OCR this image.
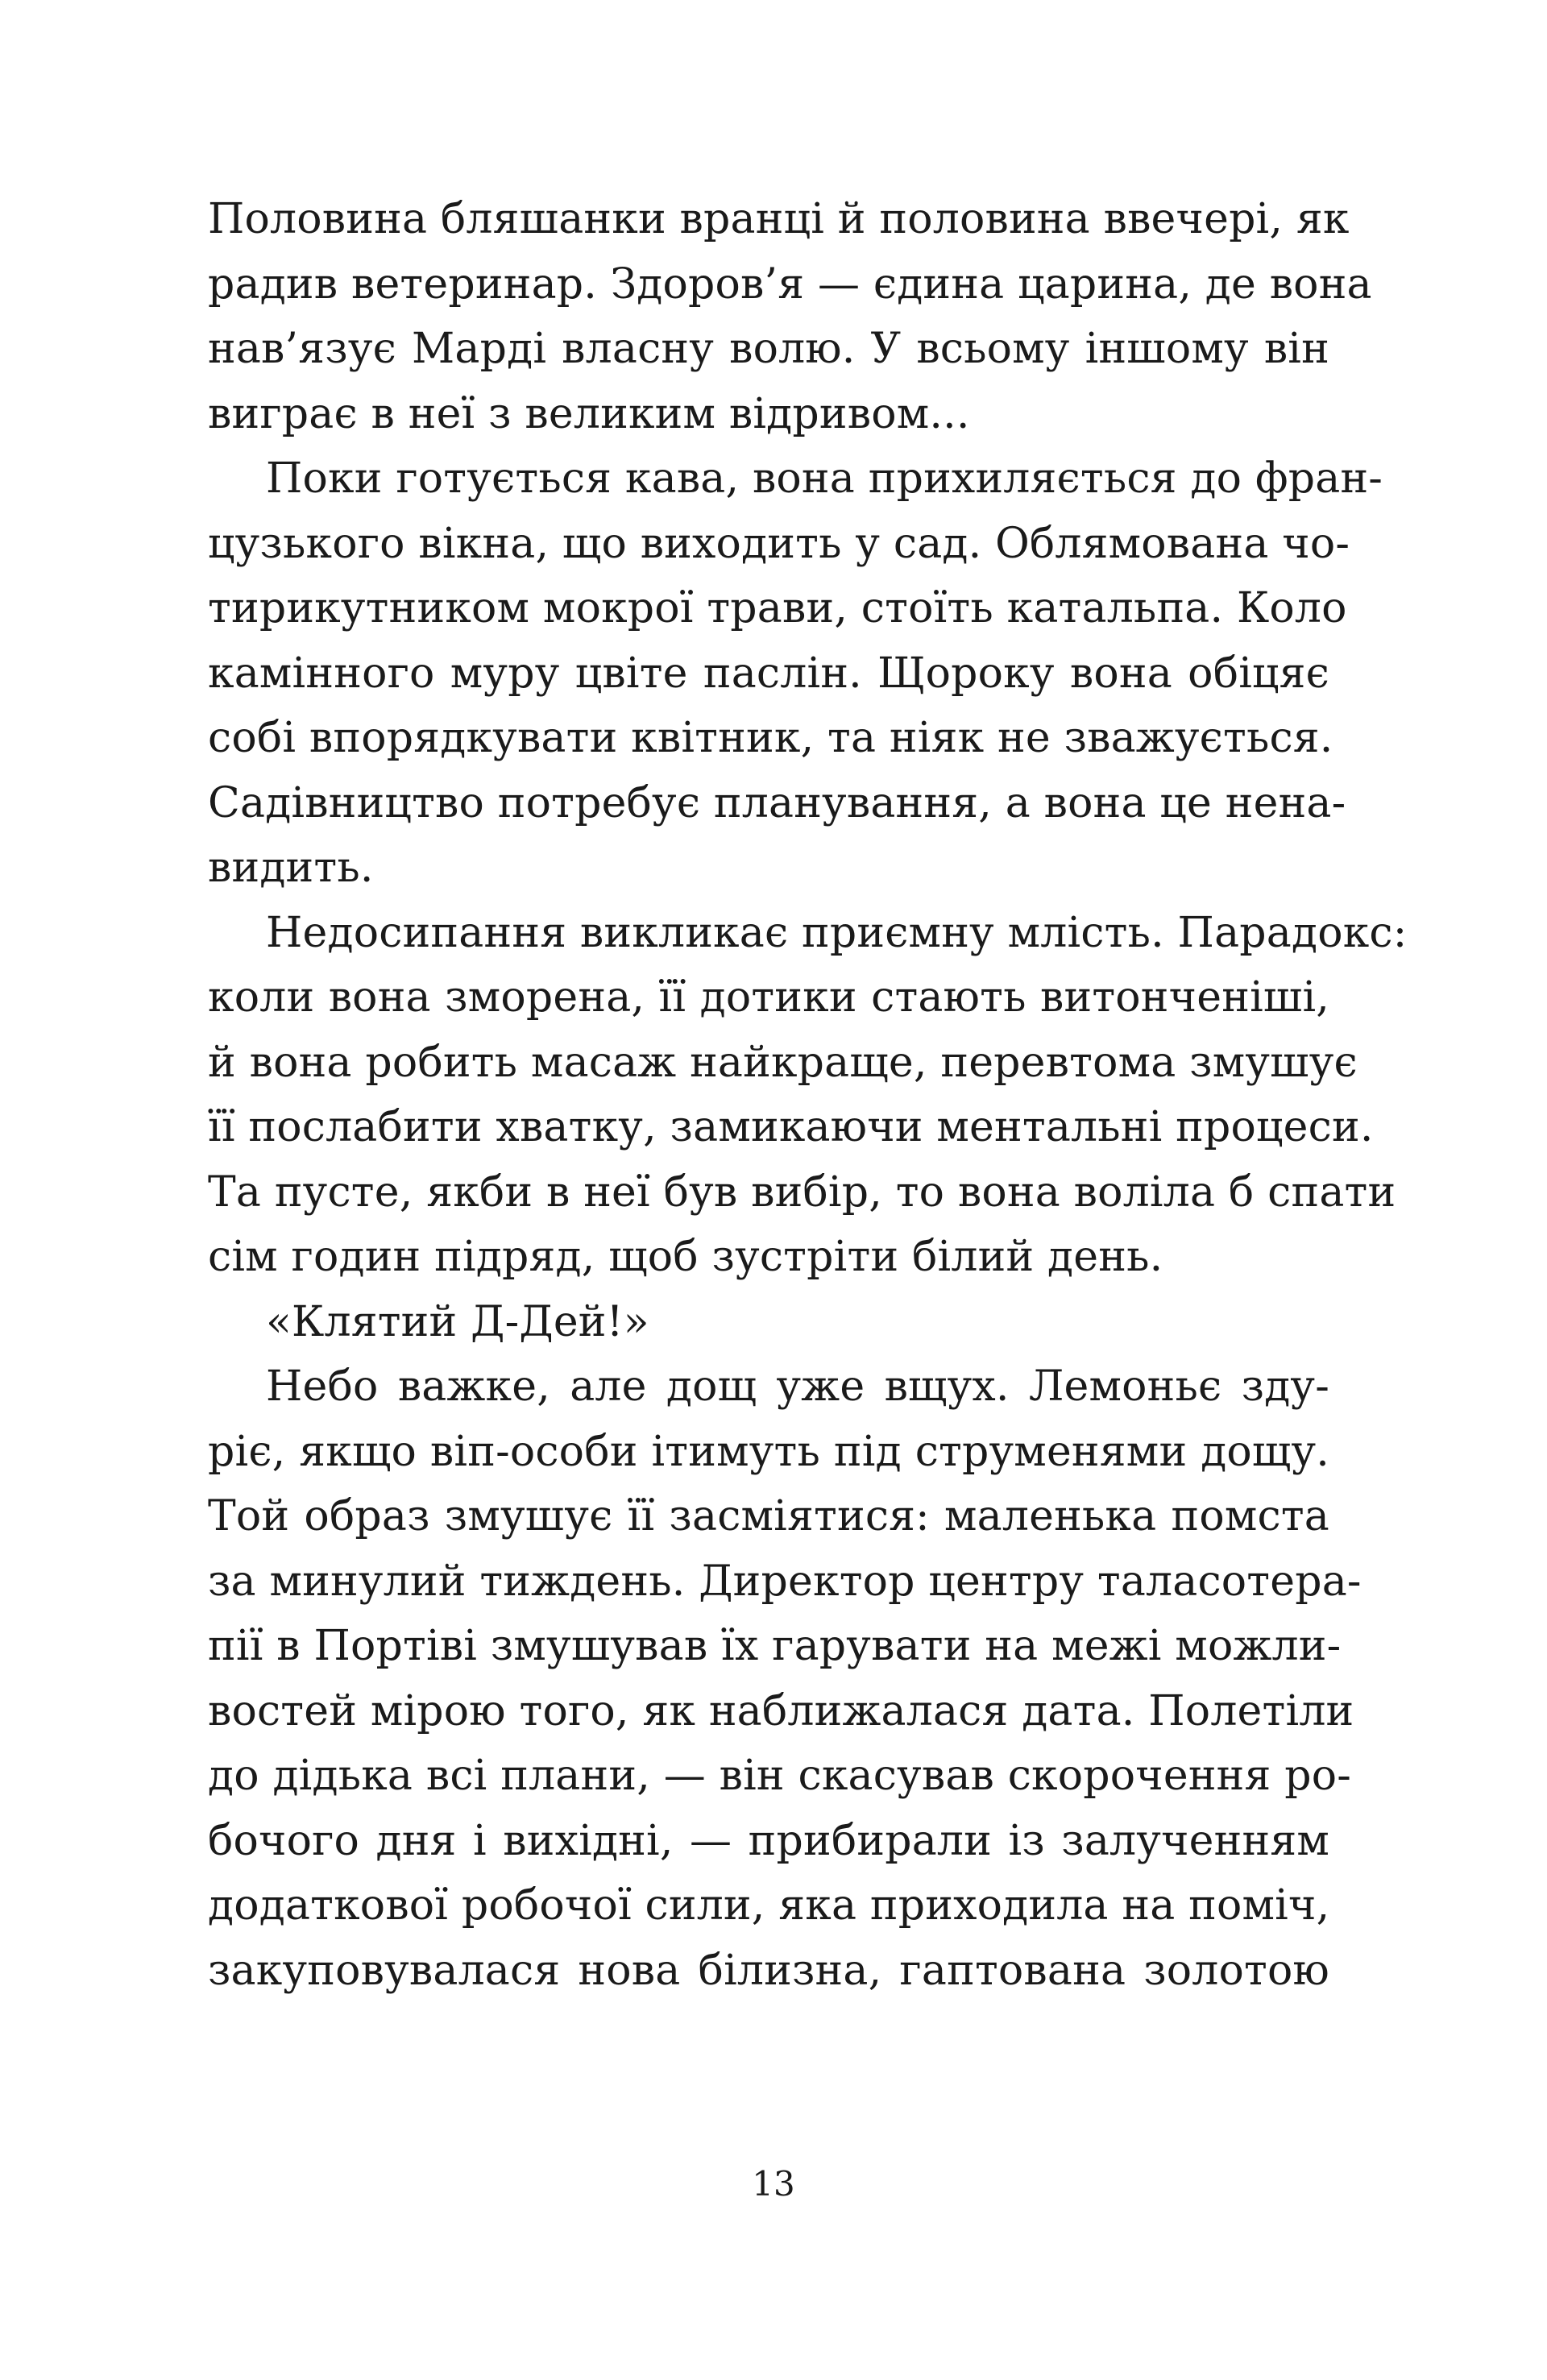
Половина бляшанки вранці й половина ввечері, як
радив ветеринар. Здоров’я — єдина царина, де вона
нав’язує Марді власну волю. У всьому іншому він
виграє в неї з великим відривом...
Поки готується кава, вона прихиляється до фран-
цузького вікна, що виходить у сад. Облямована чо-
тирикутником мокрої трави, стоїть катальпа. Коло
камінного муру цвіте паслін. Щороку вона обіцяє
собі впорядкувати квітник, та ніяк не зважується.
Садівництво потребує планування, а вона це нена-
видить.
Недосипання викликає приємну млість. Парадокс:
коли вона зморена, її дотики стають витонченіші,
й вона робить масаж найкраще, перевтома змушує
її послабити хватку, замикаючи ментальні процеси.
Та пусте, якби в неї був вибір, то вона воліла б спати
сім годин підряд, щоб зустріти білий день.
«Клятий Д-Дей!»
Небо важке, але дощ уже вщух. Лемоньє зду-
ріє, якщо віп-особи ітимуть під струменями дощу.
Той образ змушує її засміятися: маленька помста
за минулий тиждень. Директор центру таласотера-
пії в Портіві змушував їх гарувати на межі можли-
востей мірою того, як наближалася дата. Полетіли
до дідька всі плани, — він скасував скорочення ро-
бочого дня і вихідні, — прибирали із залученням
додаткової робочої сили, яка приходила на поміч,
закуповувалася нова білизна, гаптована золотою
13
